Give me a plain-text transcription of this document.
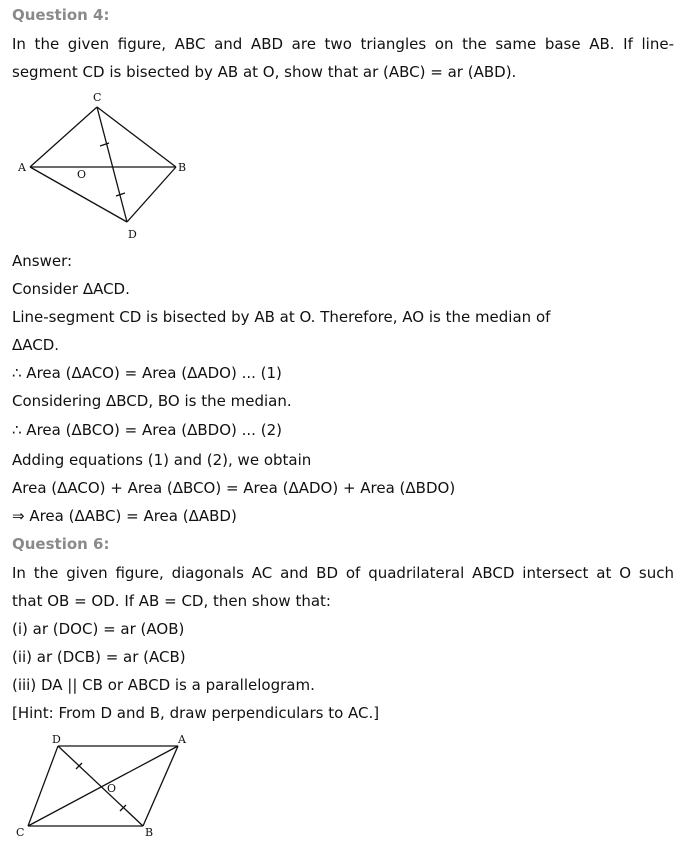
Question 4:
In the given figure, ABC and ABD are two triangles on the same base AB. If line-
segment CD is bisected by AB at O, show that ar (ABC) = ar (ABD).
C
A	B
O
D
Answer:
Consider ΔACD.
Line-segment CD is bisected by AB at O. Therefore, AO is the median of
ΔACD.
∴ Area (ΔACO) = Area (ΔADO) ... (1)
Considering ΔBCD, BO is the median.
∴ Area (ΔBCO) = Area (ΔBDO) ... (2)
Adding equations (1) and (2), we obtain
Area (ΔACO) + Area (ΔBCO) = Area (ΔADO) + Area (ΔBDO)
⇒ Area (ΔABC) = Area (ΔABD)
Question 6:
In the given figure, diagonals AC and BD of quadrilateral ABCD intersect at O such
that OB = OD. If AB = CD, then show that:
(i) ar (DOC) = ar (AOB)
(ii) ar (DCB) = ar (ACB)
(iii) DA || CB or ABCD is a parallelogram.
[Hint: From D and B, draw perpendiculars to AC.]
D	A
O
C	B
